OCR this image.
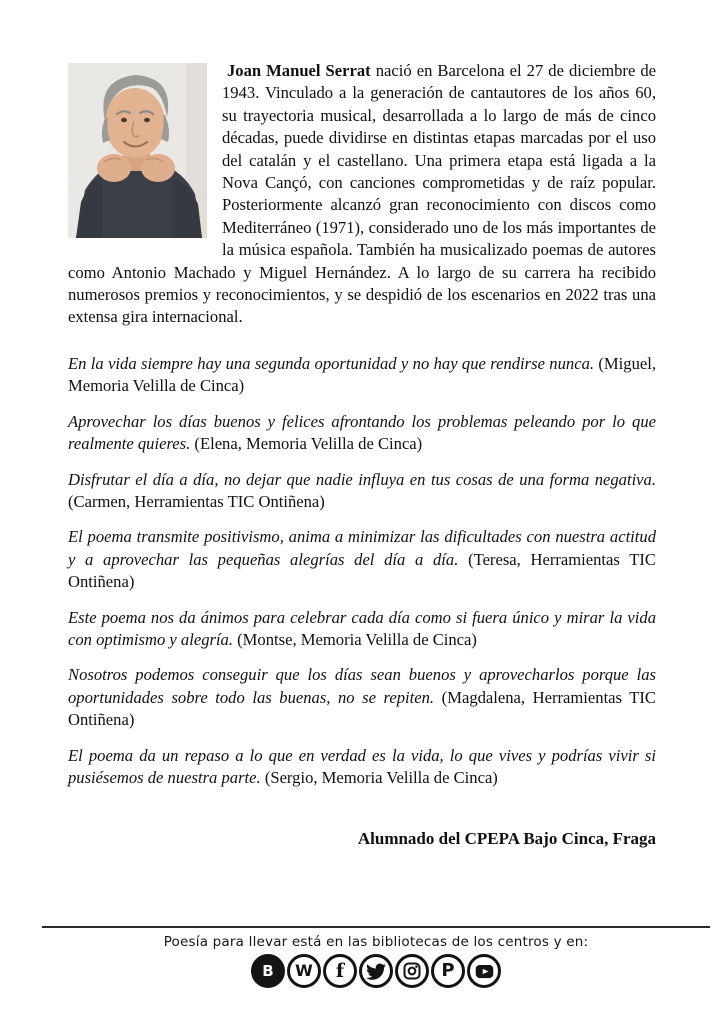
Joan Manuel Serrat nació en Barcelona el 27 de diciembre de 1943. Vinculado a la generación de cantautores de los años 60, su trayectoria musical, desarrollada a lo largo de más de cinco décadas, puede dividirse en distintas etapas marcadas por el uso del catalán y el castellano. Una primera etapa está ligada a la Nova Cançó, con canciones comprometidas y de raíz popular. Posteriormente alcanzó gran reconocimiento con discos como Mediterráneo (1971), considerado uno de los más importantes de la música española. También ha musicalizado poemas de autores como Antonio Machado y Miguel Hernández. A lo largo de su carrera ha recibido numerosos premios y reconocimientos, y se despidió de los escenarios en 2022 tras una extensa gira internacional.

En la vida siempre hay una segunda oportunidad y no hay que rendirse nunca. (Miguel, Memoria Velilla de Cinca)

Aprovechar los días buenos y felices afrontando los problemas peleando por lo que realmente quieres. (Elena, Memoria Velilla de Cinca)

Disfrutar el día a día, no dejar que nadie influya en tus cosas de una forma negativa. (Carmen, Herramientas TIC Ontiñena)

El poema transmite positivismo, anima a minimizar las dificultades con nuestra actitud y a aprovechar las pequeñas alegrías del día a día. (Teresa, Herramientas TIC Ontiñena)

Este poema nos da ánimos para celebrar cada día como si fuera único y mirar la vida con optimismo y alegría. (Montse, Memoria Velilla de Cinca)

Nosotros podemos conseguir que los días sean buenos y aprovecharlos porque las oportunidades sobre todo las buenas, no se repiten. (Magdalena, Herramientas TIC Ontiñena)

El poema da un repaso a lo que en verdad es la vida, lo que vives y podrías vivir si pusiésemos de nuestra parte. (Sergio, Memoria Velilla de Cinca)

Alumnado del CPEPA Bajo Cinca, Fraga

Poesía para llevar está en las bibliotecas de los centros y en:
B W f	P
